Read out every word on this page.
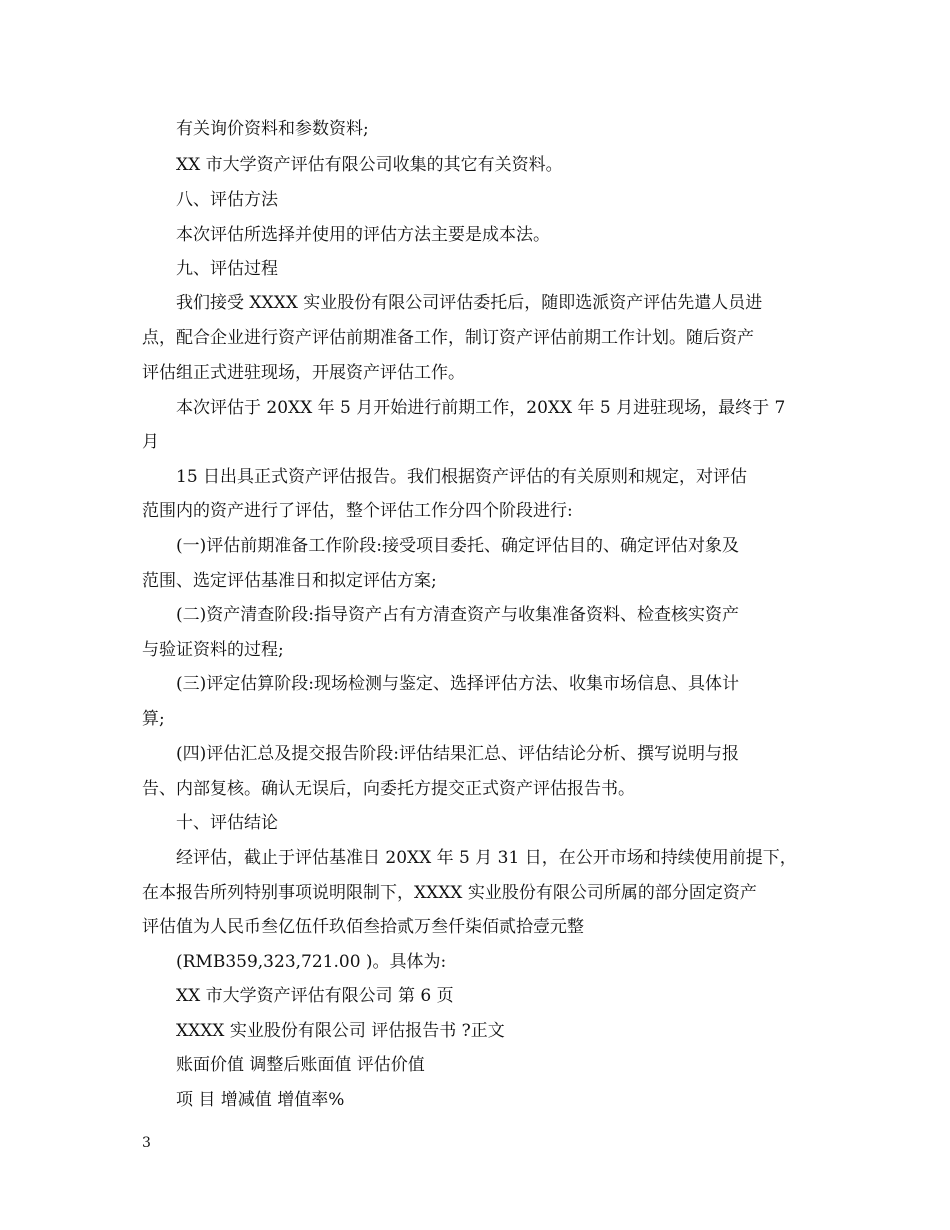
有关询价资料和参数资料;
XX 市大学资产评估有限公司收集的其它有关资料。
八、评估方法
本次评估所选择并使用的评估方法主要是成本法。
九、评估过程
我们接受 XXXX 实业股份有限公司评估委托后，随即选派资产评估先遣人员进
点，配合企业进行资产评估前期准备工作，制订资产评估前期工作计划。随后资产
评估组正式进驻现场，开展资产评估工作。
本次评估于 20XX 年 5 月开始进行前期工作，20XX 年 5 月进驻现场，最终于 7
月
15 日出具正式资产评估报告。我们根据资产评估的有关原则和规定，对评估
范围内的资产进行了评估，整个评估工作分四个阶段进行:
(一)评估前期准备工作阶段:接受项目委托、确定评估目的、确定评估对象及
范围、选定评估基准日和拟定评估方案;
(二)资产清查阶段:指导资产占有方清查资产与收集准备资料、检查核实资产
与验证资料的过程;
(三)评定估算阶段:现场检测与鉴定、选择评估方法、收集市场信息、具体计
算;
(四)评估汇总及提交报告阶段:评估结果汇总、评估结论分析、撰写说明与报
告、内部复核。确认无误后，向委托方提交正式资产评估报告书。
十、评估结论
经评估，截止于评估基准日 20XX 年 5 月 31 日，在公开市场和持续使用前提下，
在本报告所列特别事项说明限制下，XXXX 实业股份有限公司所属的部分固定资产
评估值为人民币叁亿伍仟玖佰叁拾贰万叁仟柒佰贰拾壹元整
(RMB359,323,721.00 )。具体为:
XX 市大学资产评估有限公司 第 6 页
XXXX 实业股份有限公司 评估报告书 ?正文
账面价值 调整后账面值 评估价值
项 目 增减值 增值率%
3
